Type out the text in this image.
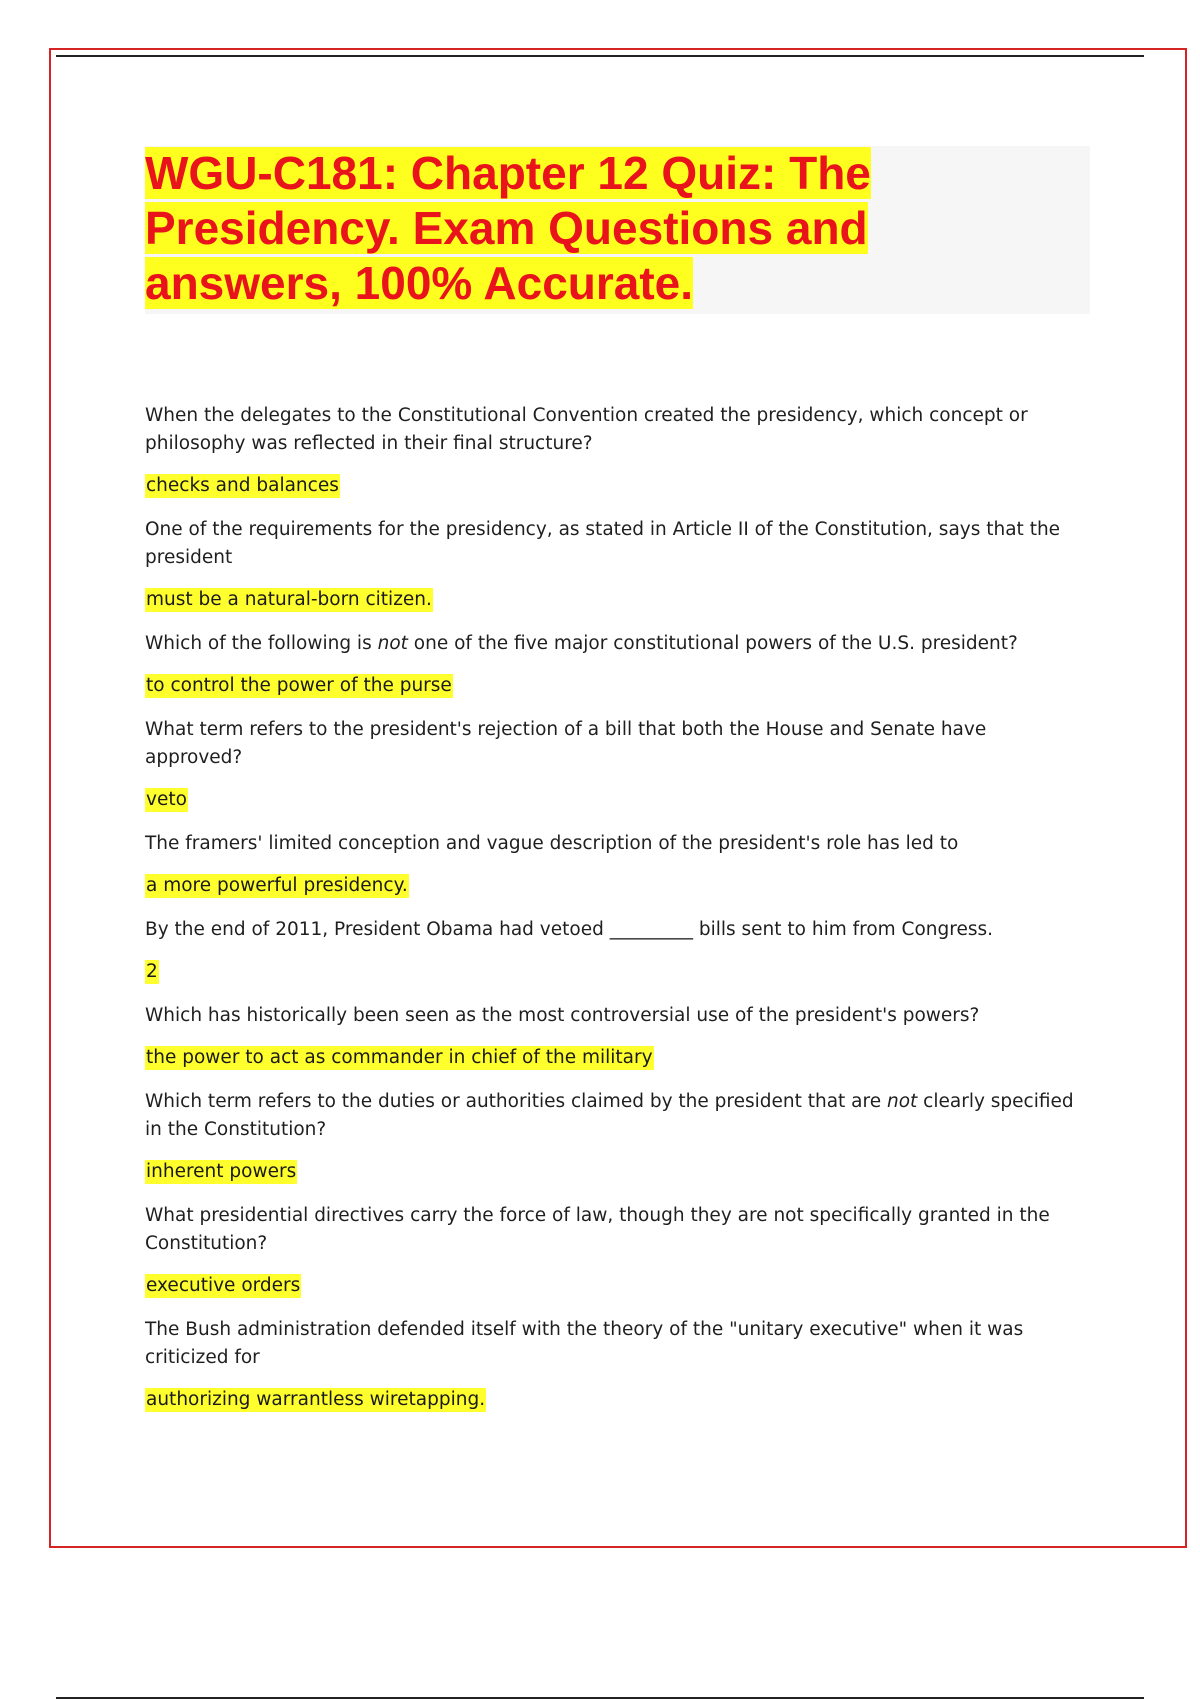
WGU-C181: Chapter 12 Quiz: The Presidency. Exam Questions and answers, 100% Accurate.

When the delegates to the Constitutional Convention created the presidency, which concept or philosophy was reflected in their final structure?

checks and balances

One of the requirements for the presidency, as stated in Article II of the Constitution, says that the president

must be a natural-born citizen.

Which of the following is not one of the five major constitutional powers of the U.S. president?

to control the power of the purse

What term refers to the president's rejection of a bill that both the House and Senate have approved?

veto

The framers' limited conception and vague description of the president's role has led to

a more powerful presidency.

By the end of 2011, President Obama had vetoed _________ bills sent to him from Congress.

2

Which has historically been seen as the most controversial use of the president's powers?

the power to act as commander in chief of the military

Which term refers to the duties or authorities claimed by the president that are not clearly specified in the Constitution?

inherent powers

What presidential directives carry the force of law, though they are not specifically granted in the Constitution?

executive orders

The Bush administration defended itself with the theory of the "unitary executive" when it was criticized for

authorizing warrantless wiretapping.
